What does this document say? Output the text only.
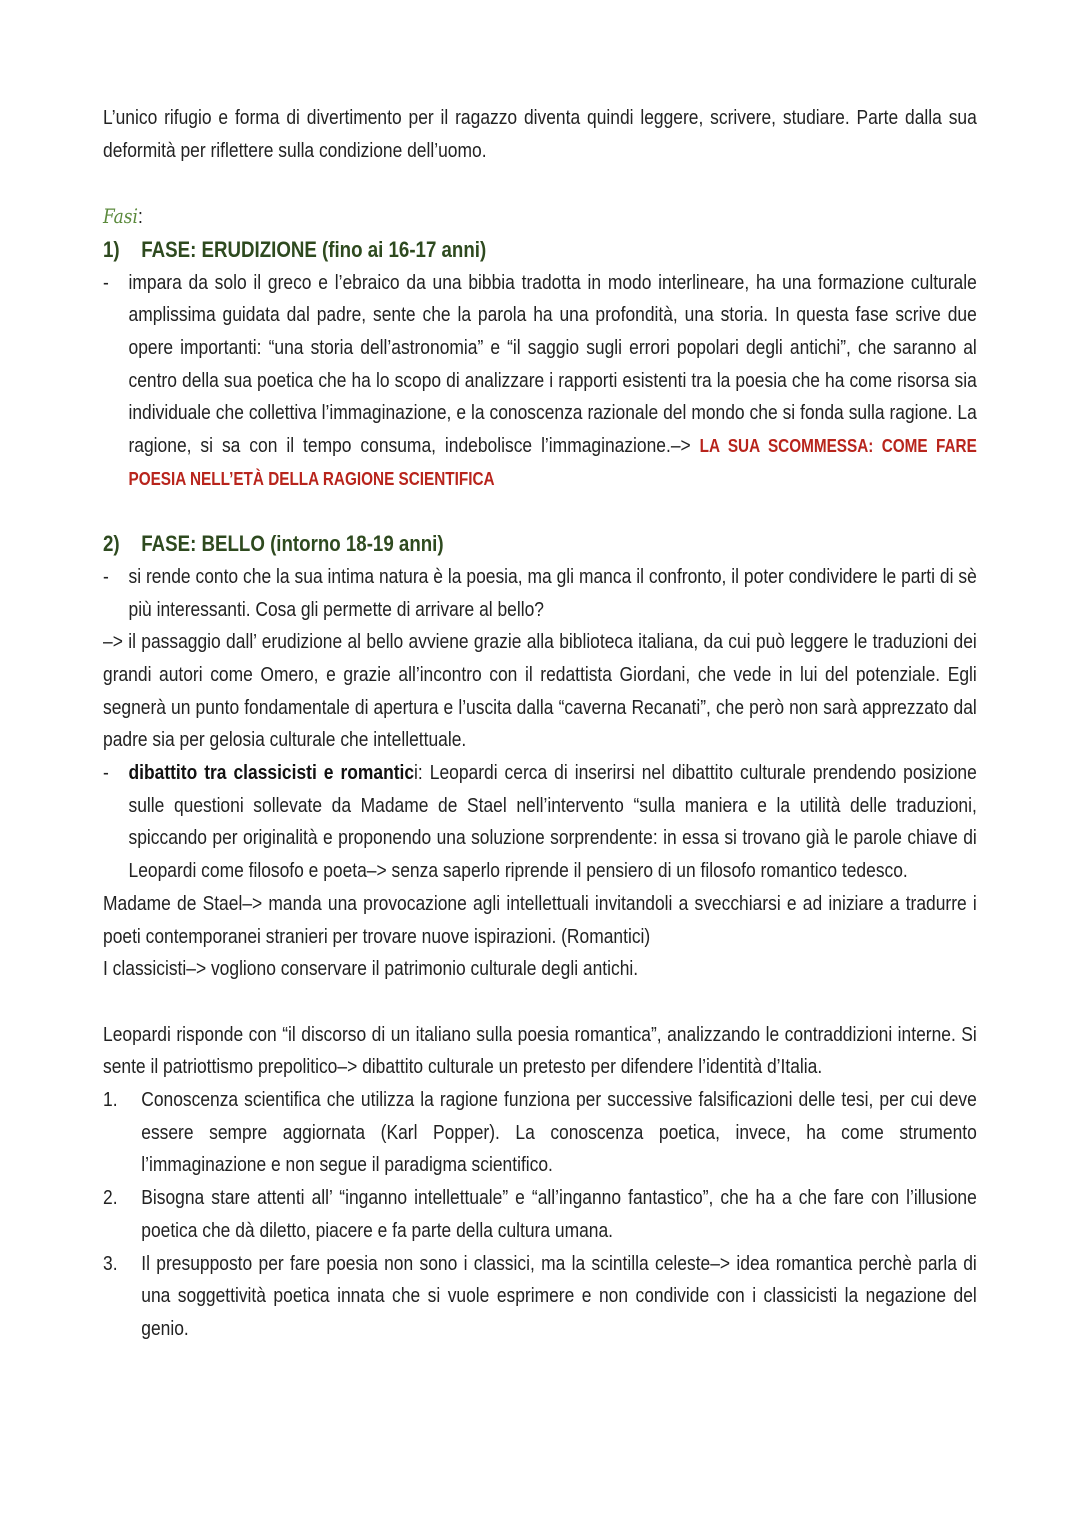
L’unico rifugio e forma di divertimento per il ragazzo diventa quindi leggere, scrivere, studiare. Parte dalla sua deformità per riflettere sulla condizione dell’uomo.

Fasi:
1) FASE: ERUDIZIONE (fino ai 16-17 anni)

- impara da solo il greco e l’ebraico da una bibbia tradotta in modo interlineare, ha una formazione culturale amplissima guidata dal padre, sente che la parola ha una profondità, una storia. In questa fase scrive due opere importanti: “una storia dell’astronomia” e “il saggio sugli errori popolari degli antichi”, che saranno al centro della sua poetica che ha lo scopo di analizzare i rapporti esistenti tra la poesia che ha come risorsa sia individuale che collettiva l’immaginazione, e la conoscenza razionale del mondo che si fonda sulla ragione. La ragione, si sa con il tempo consuma, indebolisce l’immaginazione.–> LA SUA SCOMMESSA: COME FARE POESIA NELL’ETÀ DELLA RAGIONE SCIENTIFICA

2) FASE: BELLO (intorno 18-19 anni)

- si rende conto che la sua intima natura è la poesia, ma gli manca il confronto, il poter condividere le parti di sè più interessanti. Cosa gli permette di arrivare al bello?

–> il passaggio dall’ erudizione al bello avviene grazie alla biblioteca italiana, da cui può leggere le traduzioni dei grandi autori come Omero, e grazie all’incontro con il redattista Giordani, che vede in lui del potenziale. Egli segnerà un punto fondamentale di apertura e l’uscita dalla “caverna Recanati”, che però non sarà apprezzato dal padre sia per gelosia culturale che intellettuale.

- dibattito tra classicisti e romantici: Leopardi cerca di inserirsi nel dibattito culturale prendendo posizione sulle questioni sollevate da Madame de Stael nell’intervento “sulla maniera e la utilità delle traduzioni, spiccando per originalità e proponendo una soluzione sorprendente: in essa si trovano già le parole chiave di Leopardi come filosofo e poeta–> senza saperlo riprende il pensiero di un filosofo romantico tedesco.

Madame de Stael–> manda una provocazione agli intellettuali invitandoli a svecchiarsi e ad iniziare a tradurre i poeti contemporanei stranieri per trovare nuove ispirazioni. (Romantici)

I classicisti–> vogliono conservare il patrimonio culturale degli antichi.

Leopardi risponde con “il discorso di un italiano sulla poesia romantica”, analizzando le contraddizioni interne. Si sente il patriottismo prepolitico–> dibattito culturale un pretesto per difendere l’identità d’Italia.

1. Conoscenza scientifica che utilizza la ragione funziona per successive falsificazioni delle tesi, per cui deve essere sempre aggiornata (Karl Popper). La conoscenza poetica, invece, ha come strumento l’immaginazione e non segue il paradigma scientifico.

2. Bisogna stare attenti all’ “inganno intellettuale” e “all’inganno fantastico”, che ha a che fare con l’illusione poetica che dà diletto, piacere e fa parte della cultura umana.

3. Il presupposto per fare poesia non sono i classici, ma la scintilla celeste–> idea romantica perchè parla di una soggettività poetica innata che si vuole esprimere e non condivide con i classicisti la negazione del genio.
